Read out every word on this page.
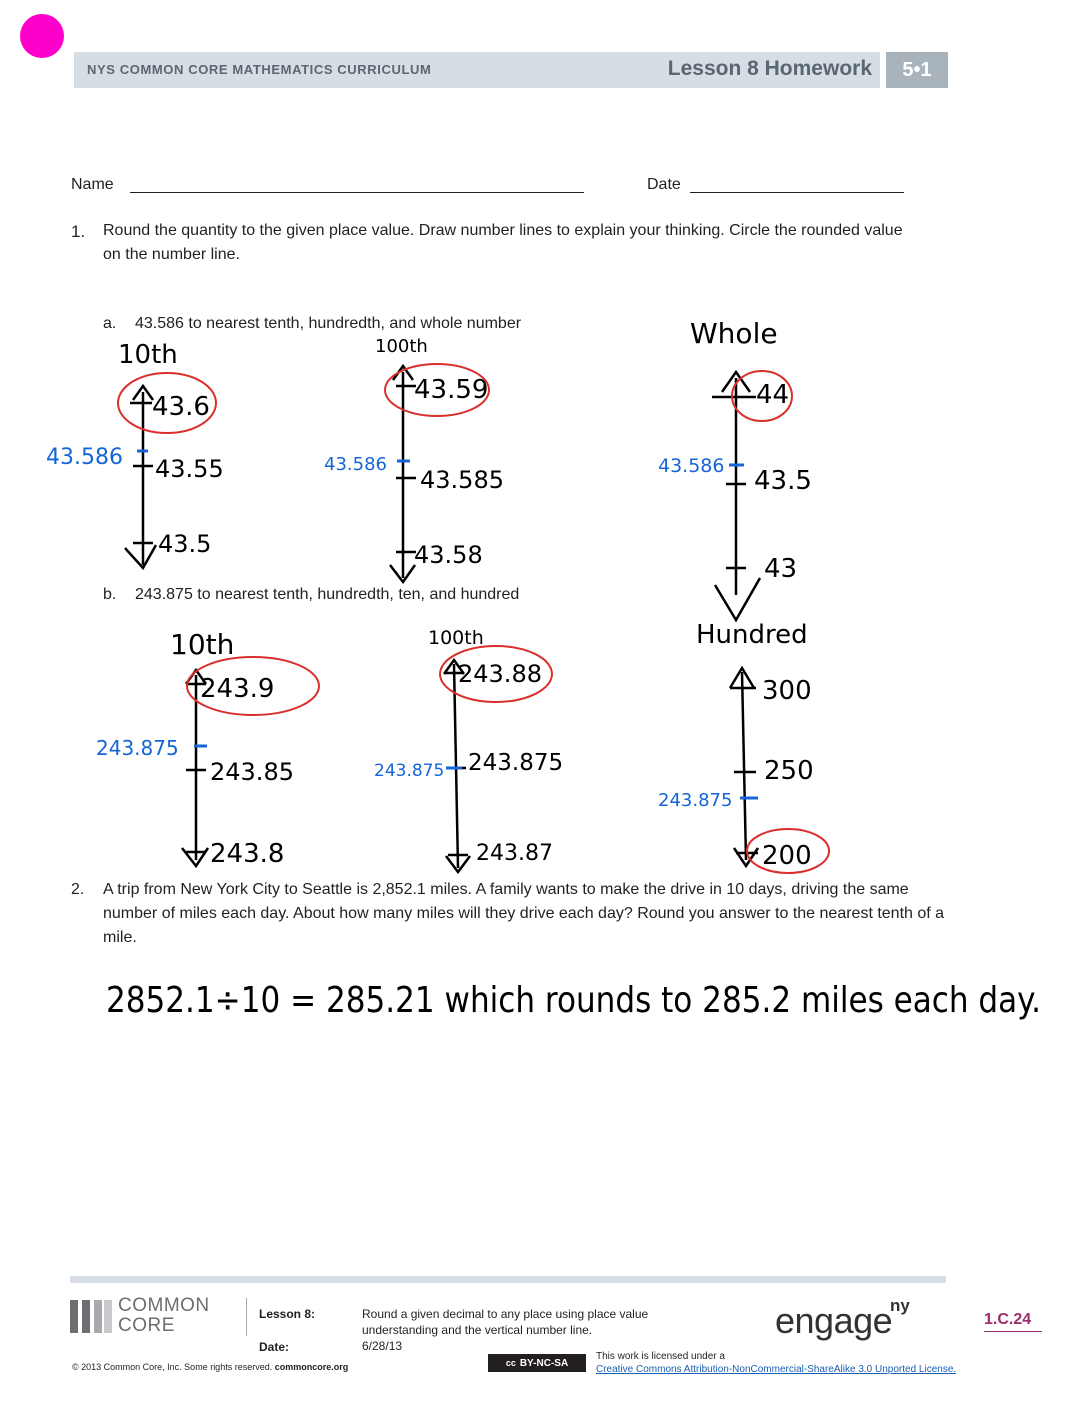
NYS COMMON CORE MATHEMATICS CURRICULUM	Lesson 8 Homework	5•1
Name	Date
1. Round the quantity to the given place value. Draw number lines to explain your thinking. Circle the rounded value on the number line.
a. 43.586 to nearest tenth, hundredth, and whole number
b. 243.875 to nearest tenth, hundredth, ten, and hundred
10th
43.6
43.55
43.5
43.586
100th
43.59
43.585
43.58
43.586
Whole
44
43.5
43
43.586
10th
243.9
243.85
243.8
243.875
100th
243.88
243.875
243.87
243.875
Hundred
300
250
200
243.875
2852.1÷10 = 285.21 which rounds to 285.2 miles each day.
2. A trip from New York City to Seattle is 2,852.1 miles. A family wants to make the drive in 10 days, driving the same number of miles each day. About how many miles will they drive each day? Round you answer to the nearest tenth of a mile.
COMMON
CORE
Lesson 8:	Round a given decimal to any place using place value understanding and the vertical number line.
Date:	6/28/13
engage
ny
1.C.24
© 2013 Common Core, Inc. Some rights reserved. commoncore.org	cc BY-NC-SA
This work is licensed under a
Creative Commons Attribution-NonCommercial-ShareAlike 3.0 Unported License.
